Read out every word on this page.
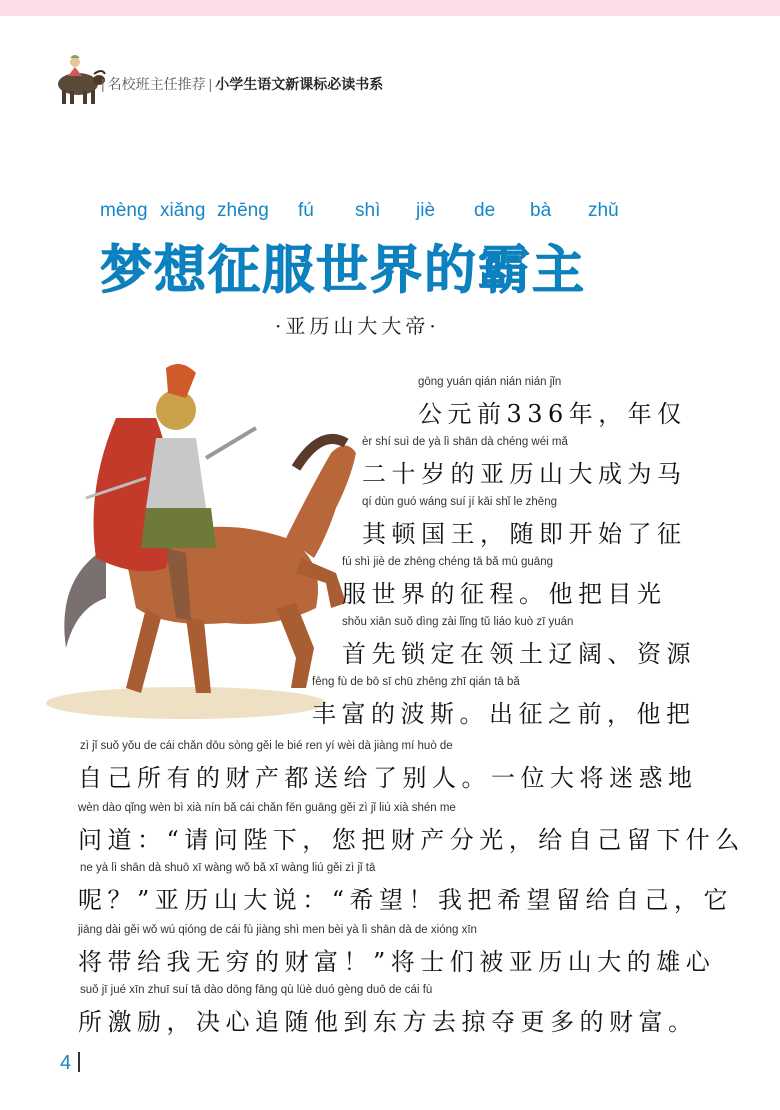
| 名校班主任推荐 | 小学生语文新课标必读书系
mèng xiǎng zhēng fú shì jiè de bà zhǔ
梦想征服世界的霸主
·亚历山大大帝·
gōng yuán qián nián nián jǐn
公元前336年，年仅
èr shí suì de yà lì shān dà chéng wéi mǎ
二十岁的亚历山大成为马
qí dùn guó wáng suí jí kāi shǐ le zhēng
其顿国王，随即开始了征
fú shì jiè de zhēng chéng tā bǎ mù guāng
服世界的征程。他把目光
shǒu xiān suǒ dìng zài lǐng tǔ liáo kuò zī yuán
首先锁定在领土辽阔、资源
fēng fù de bō sī chū zhēng zhī qián tā bǎ
丰富的波斯。出征之前，他把
zì jǐ suǒ yǒu de cái chǎn dōu sòng gěi le bié ren yí wèi dà jiàng mí huò de
自己所有的财产都送给了别人。一位大将迷惑地
wèn dào qǐng wèn bì xià nín bǎ cái chǎn fēn guāng gěi zì jǐ liú xià shén me
问道：“请问陛下，您把财产分光，给自己留下什么
ne yà lì shān dà shuō xī wàng wǒ bǎ xī wàng liú gěi zì jǐ tā
呢？”亚历山大说：“希望！我把希望留给自己，它
jiāng dài gěi wǒ wú qióng de cái fù jiàng shì men bèi yà lì shān dà de xióng xīn
将带给我无穷的财富！”将士们被亚历山大的雄心
suǒ jī jué xīn zhuī suí tā dào dōng fāng qù lüè duó gèng duō de cái fù
所激励，决心追随他到东方去掠夺更多的财富。
4
